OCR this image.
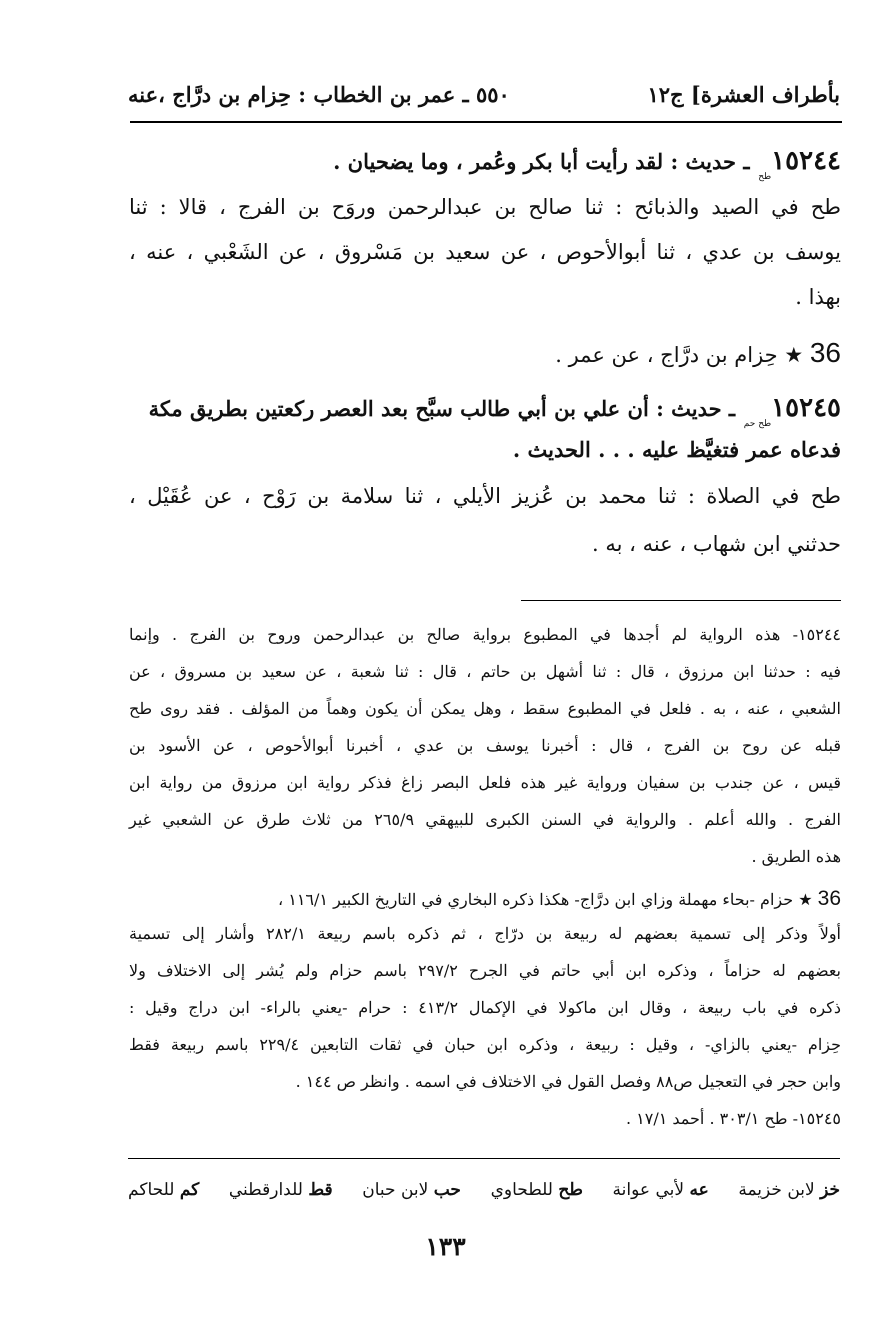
بأطراف العشرة] ج١٢
٥٥٠ ـ عمر بن الخطاب : حِزام بن درَّاج ،عنه
$١٥٢٤٤_{طح}$ ـ حديث : لقد رأيت أبا بكر وعُمر ، وما يضحيان .
طح في الصيد والذبائح : ثنا صالح بن عبدالرحمن وروَح بن الفرج ، قالا : ثنا
يوسف بن عدي ، ثنا أبوالأحوص ، عن سعيد بن مَسْروق ، عن الشَعْبي ، عنه ،
بهذا .
36 ★ حِزام بن درَّاج ، عن عمر .
$١٥٢٤٥_{طح حم}$ ـ حديث : أن علي بن أبي طالب سبَّح بعد العصر ركعتين بطريق مكة
فدعاه عمر فتغيَّظ عليه . . . الحديث .
طح في الصلاة : ثنا محمد بن عُزيز الأيلي ، ثنا سلامة بن رَوْح ، عن عُقَيْل ،
حدثني ابن شهاب ، عنه ، به .
١٥٢٤٤- هذه الرواية لم أجدها في المطبوع برواية صالح بن عبدالرحمن وروح بن الفرج . وإنما
فيه : حدثنا ابن مرزوق ، قال : ثنا أشهل بن حاتم ، قال : ثنا شعبة ، عن سعيد بن مسروق ، عن
الشعبي ، عنه ، به . فلعل في المطبوع سقط ، وهل يمكن أن يكون وهماً من المؤلف . فقد روى طح
قبله عن روح بن الفرج ، قال : أخبرنا يوسف بن عدي ، أخبرنا أبوالأحوص ، عن الأسود بن
قيس ، عن جندب بن سفيان ورواية غير هذه فلعل البصر زاغ فذكر رواية ابن مرزوق من رواية ابن
الفرج . والله أعلم . والرواية في السنن الكبرى للبيهقي ٢٦٥/٩ من ثلاث طرق عن الشعبي غير
هذه الطريق .
36 ★ حزام -بحاء مهملة وزاي ابن درَّاج- هكذا ذكره البخاري في التاريخ الكبير ١١٦/١ ،
أولاً وذكر إلى تسمية بعضهم له ربيعة بن درّاج ، ثم ذكره باسم ربيعة ٢٨٢/١ وأشار إلى تسمية
بعضهم له حزاماً ، وذكره ابن أبي حاتم في الجرح ٢٩٧/٢ باسم حزام ولم يُشر إلى الاختلاف ولا
ذكره في باب ربيعة ، وقال ابن ماكولا في الإكمال ٤١٣/٢ : حرام -يعني بالراء- ابن دراج وقيل :
حِزام -يعني بالزاي- ، وقيل : ربيعة ، وذكره ابن حبان في ثقات التابعين ٢٢٩/٤ باسم ربيعة فقط
وابن حجر في التعجيل ص٨٨ وفصل القول في الاختلاف في اسمه . وانظر ص ١٤٤ .
١٥٢٤٥- طح ٣٠٣/١ . أحمد ١٧/١ .
خز لابن خزيمة
عه لأبي عوانة
طح للطحاوي
حب لابن حبان
قط للدارقطني
كم للحاكم
١٣٣
